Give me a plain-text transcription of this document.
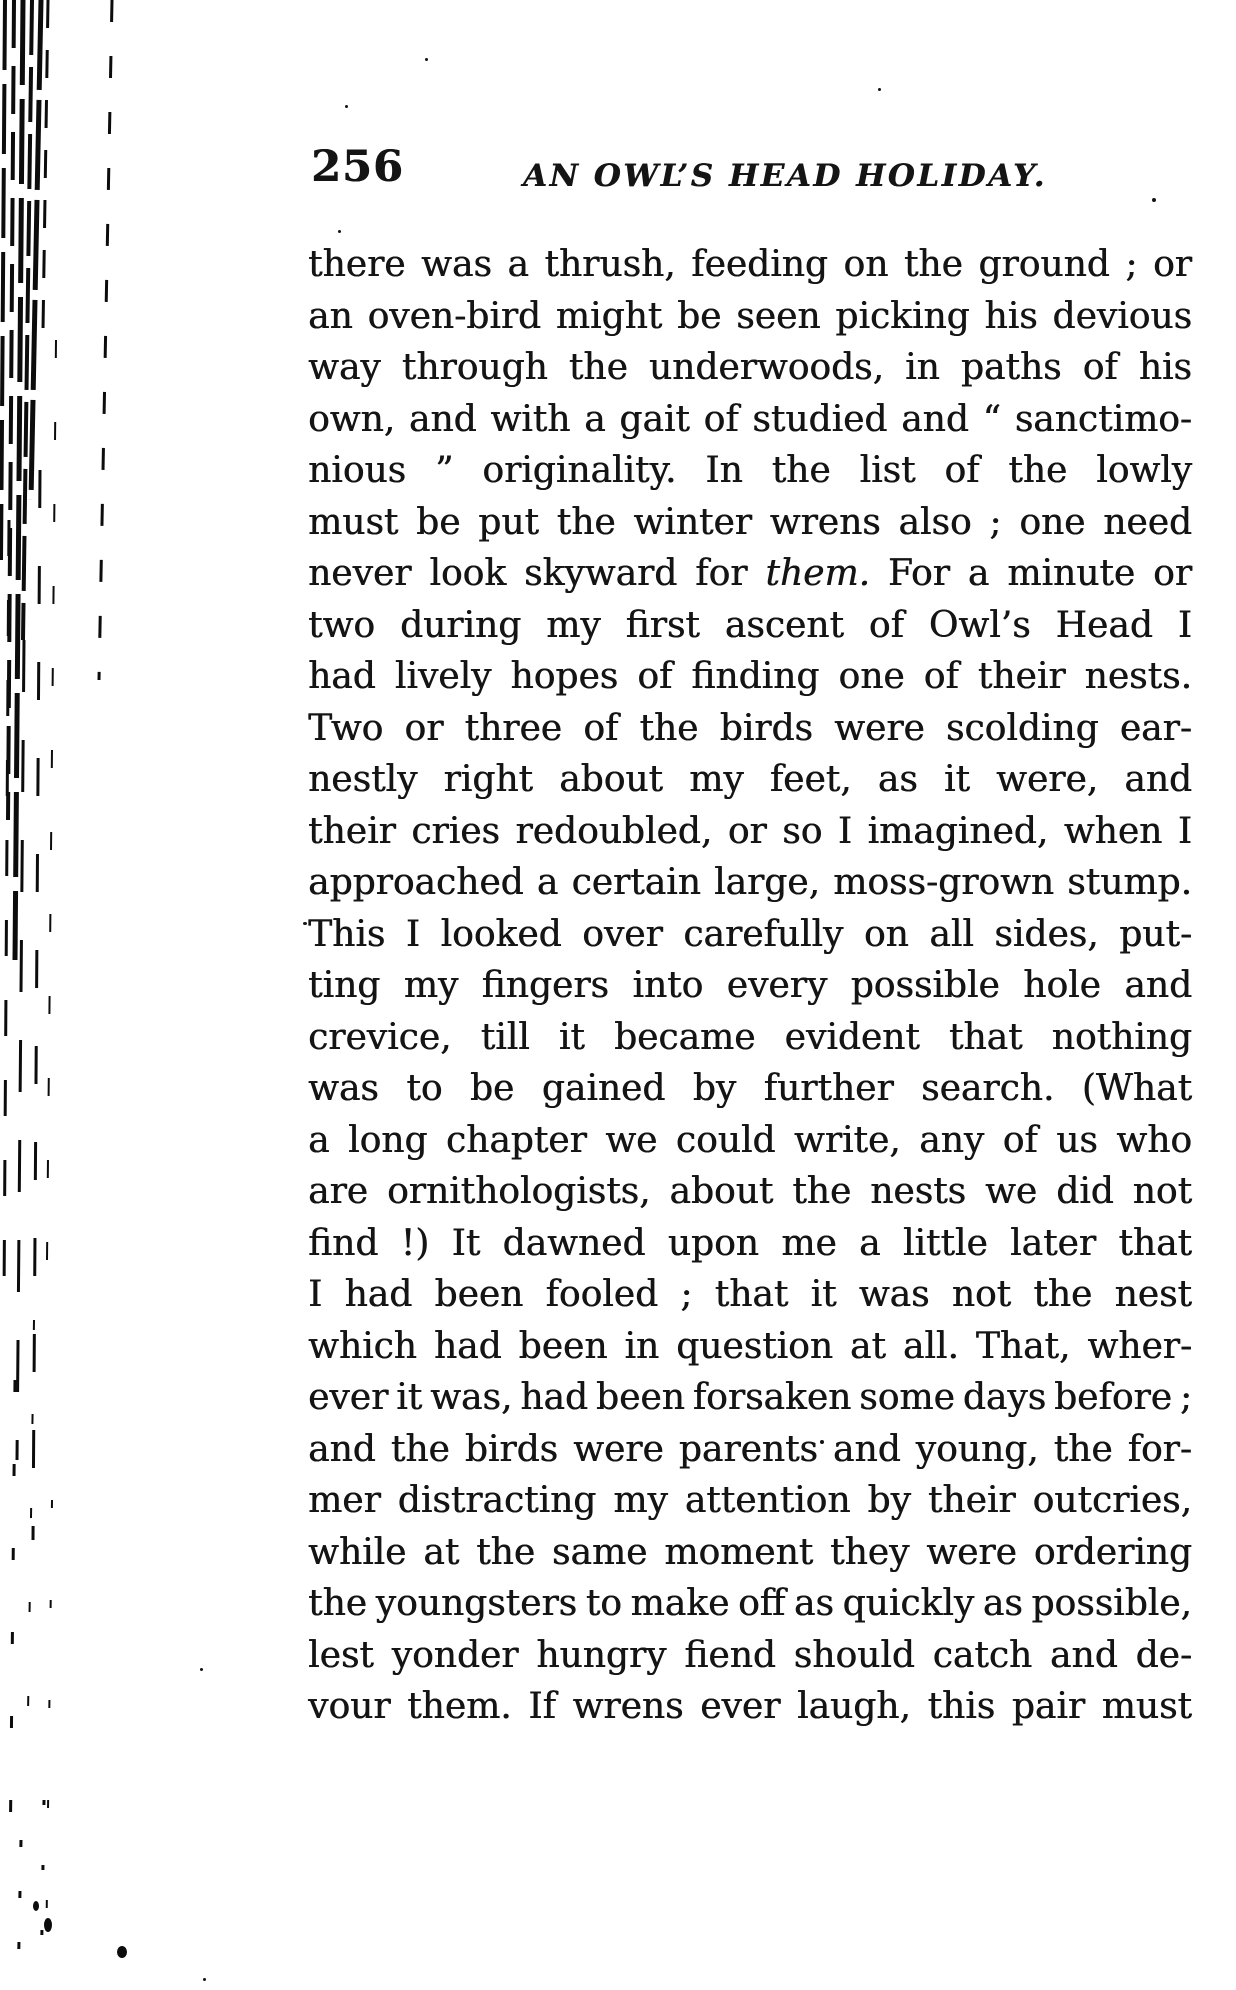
256	AN OWL’S HEAD HOLIDAY.
there was a thrush, feeding on the ground ; or
an oven-bird might be seen picking his devious
way through the underwoods, in paths of his
own, and with a gait of studied and “ sanctimo-
nious ” originality. In the list of the lowly
must be put the winter wrens also ; one need
never look skyward for them. For a minute or
two during my first ascent of Owl’s Head I
had lively hopes of finding one of their nests.
Two or three of the birds were scolding ear-
nestly right about my feet, as it were, and
their cries redoubled, or so I imagined, when I
approached a certain large, moss-grown stump.
This I looked over carefully on all sides, put-
ting my fingers into every possible hole and
crevice, till it became evident that nothing
was to be gained by further search. (What
a long chapter we could write, any of us who
are ornithologists, about the nests we did not
find !) It dawned upon me a little later that
I had been fooled ; that it was not the nest
which had been in question at all. That, wher-
ever it was, had been forsaken some days before ;
and the birds were parents and young, the for-
mer distracting my attention by their outcries,
while at the same moment they were ordering
the youngsters to make off as quickly as possible,
lest yonder hungry fiend should catch and de-
vour them. If wrens ever laugh, this pair must
